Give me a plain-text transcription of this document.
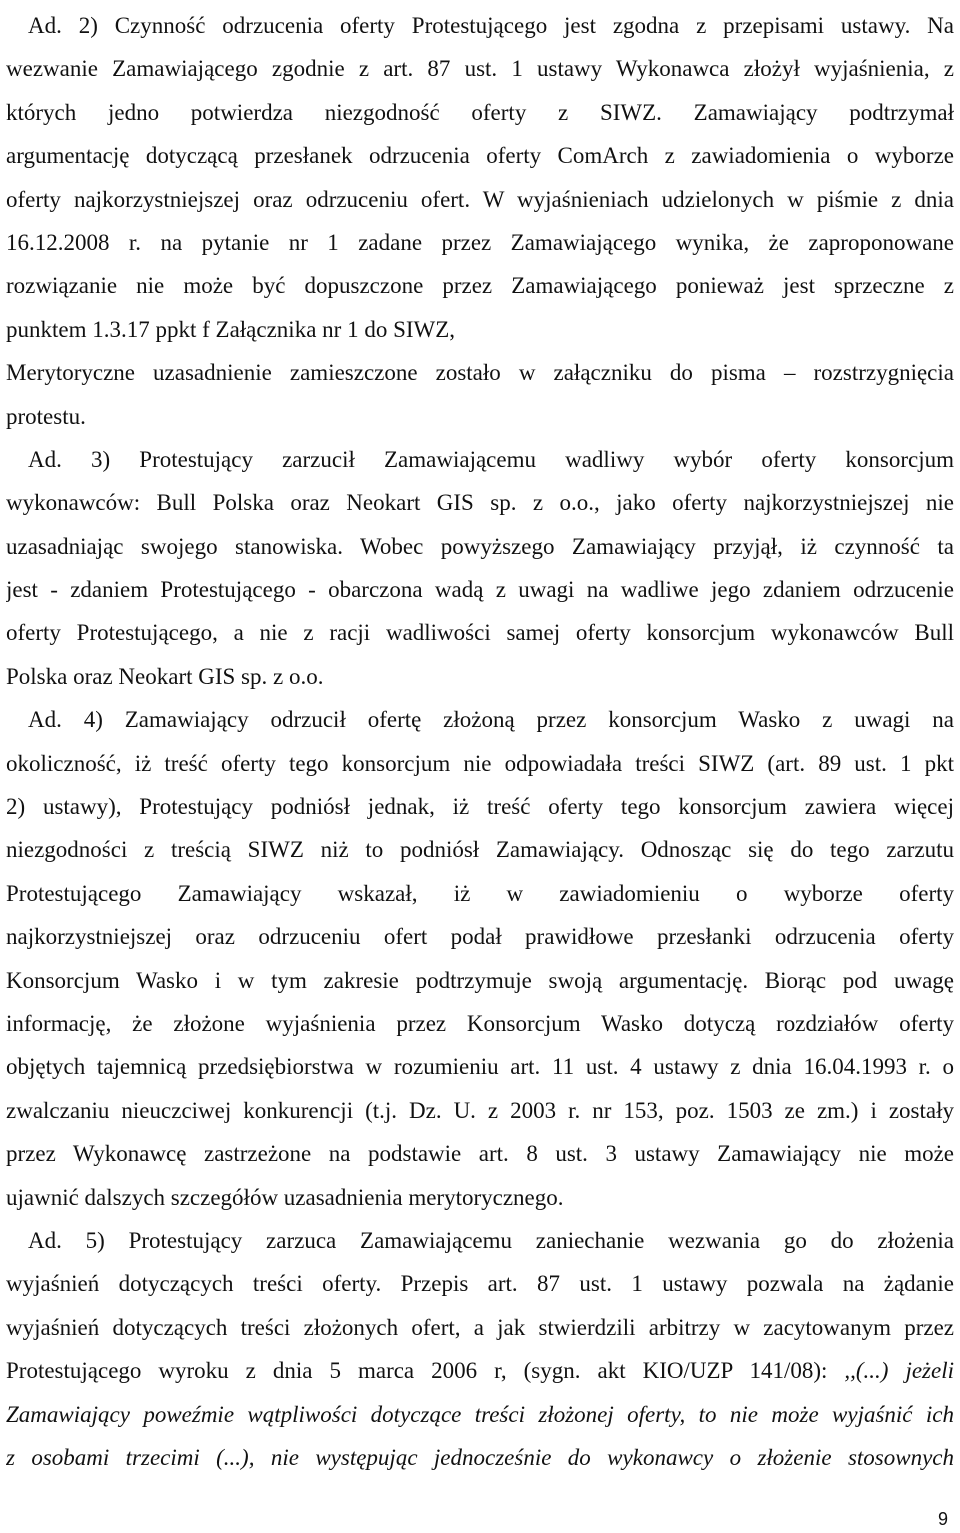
Ad. 2) Czynność odrzucenia oferty Protestującego jest zgodna z przepisami ustawy. Na
wezwanie Zamawiającego zgodnie z art. 87 ust. 1 ustawy Wykonawca złożył wyjaśnienia, z
których jedno potwierdza niezgodność oferty z SIWZ. Zamawiający podtrzymał
argumentację dotyczącą przesłanek odrzucenia oferty ComArch z zawiadomienia o wyborze
oferty najkorzystniejszej oraz odrzuceniu ofert. W wyjaśnieniach udzielonych w piśmie z dnia
16.12.2008 r. na pytanie nr 1 zadane przez Zamawiającego wynika, że zaproponowane
rozwiązanie nie może być dopuszczone przez Zamawiającego ponieważ jest sprzeczne z
punktem 1.3.17 ppkt f Załącznika nr 1 do SIWZ,
Merytoryczne uzasadnienie zamieszczone zostało w załączniku do pisma – rozstrzygnięcia
protestu.
Ad. 3) Protestujący zarzucił Zamawiającemu wadliwy wybór oferty konsorcjum
wykonawców: Bull Polska oraz Neokart GIS sp. z o.o., jako oferty najkorzystniejszej nie
uzasadniając swojego stanowiska. Wobec powyższego Zamawiający przyjął, iż czynność ta
jest - zdaniem Protestującego - obarczona wadą z uwagi na wadliwe jego zdaniem odrzucenie
oferty Protestującego, a nie z racji wadliwości samej oferty konsorcjum wykonawców Bull
Polska oraz Neokart GIS sp. z o.o.
Ad. 4) Zamawiający odrzucił ofertę złożoną przez konsorcjum Wasko z uwagi na
okoliczność, iż treść oferty tego konsorcjum nie odpowiadała treści SIWZ (art. 89 ust. 1 pkt
2) ustawy), Protestujący podniósł jednak, iż treść oferty tego konsorcjum zawiera więcej
niezgodności z treścią SIWZ niż to podniósł Zamawiający. Odnosząc się do tego zarzutu
Protestującego Zamawiający wskazał, iż w zawiadomieniu o wyborze oferty
najkorzystniejszej oraz odrzuceniu ofert podał prawidłowe przesłanki odrzucenia oferty
Konsorcjum Wasko i w tym zakresie podtrzymuje swoją argumentację. Biorąc pod uwagę
informację, że złożone wyjaśnienia przez Konsorcjum Wasko dotyczą rozdziałów oferty
objętych tajemnicą przedsiębiorstwa w rozumieniu art. 11 ust. 4 ustawy z dnia 16.04.1993 r. o
zwalczaniu nieuczciwej konkurencji (t.j. Dz. U. z 2003 r. nr 153, poz. 1503 ze zm.) i zostały
przez Wykonawcę zastrzeżone na podstawie art. 8 ust. 3 ustawy Zamawiający nie może
ujawnić dalszych szczegółów uzasadnienia merytorycznego.
Ad. 5) Protestujący zarzuca Zamawiającemu zaniechanie wezwania go do złożenia
wyjaśnień dotyczących treści oferty. Przepis art. 87 ust. 1 ustawy pozwala na żądanie
wyjaśnień dotyczących treści złożonych ofert, a jak stwierdzili arbitrzy w zacytowanym przez
Protestującego wyroku z dnia 5 marca 2006 r, (sygn. akt KIO/UZP 141/08): ,,(...) jeżeli
Zamawiający poweźmie wątpliwości dotyczące treści złożonej oferty, to nie może wyjaśnić ich
z osobami trzecimi (...), nie występując jednocześnie do wykonawcy o złożenie stosownych
9
